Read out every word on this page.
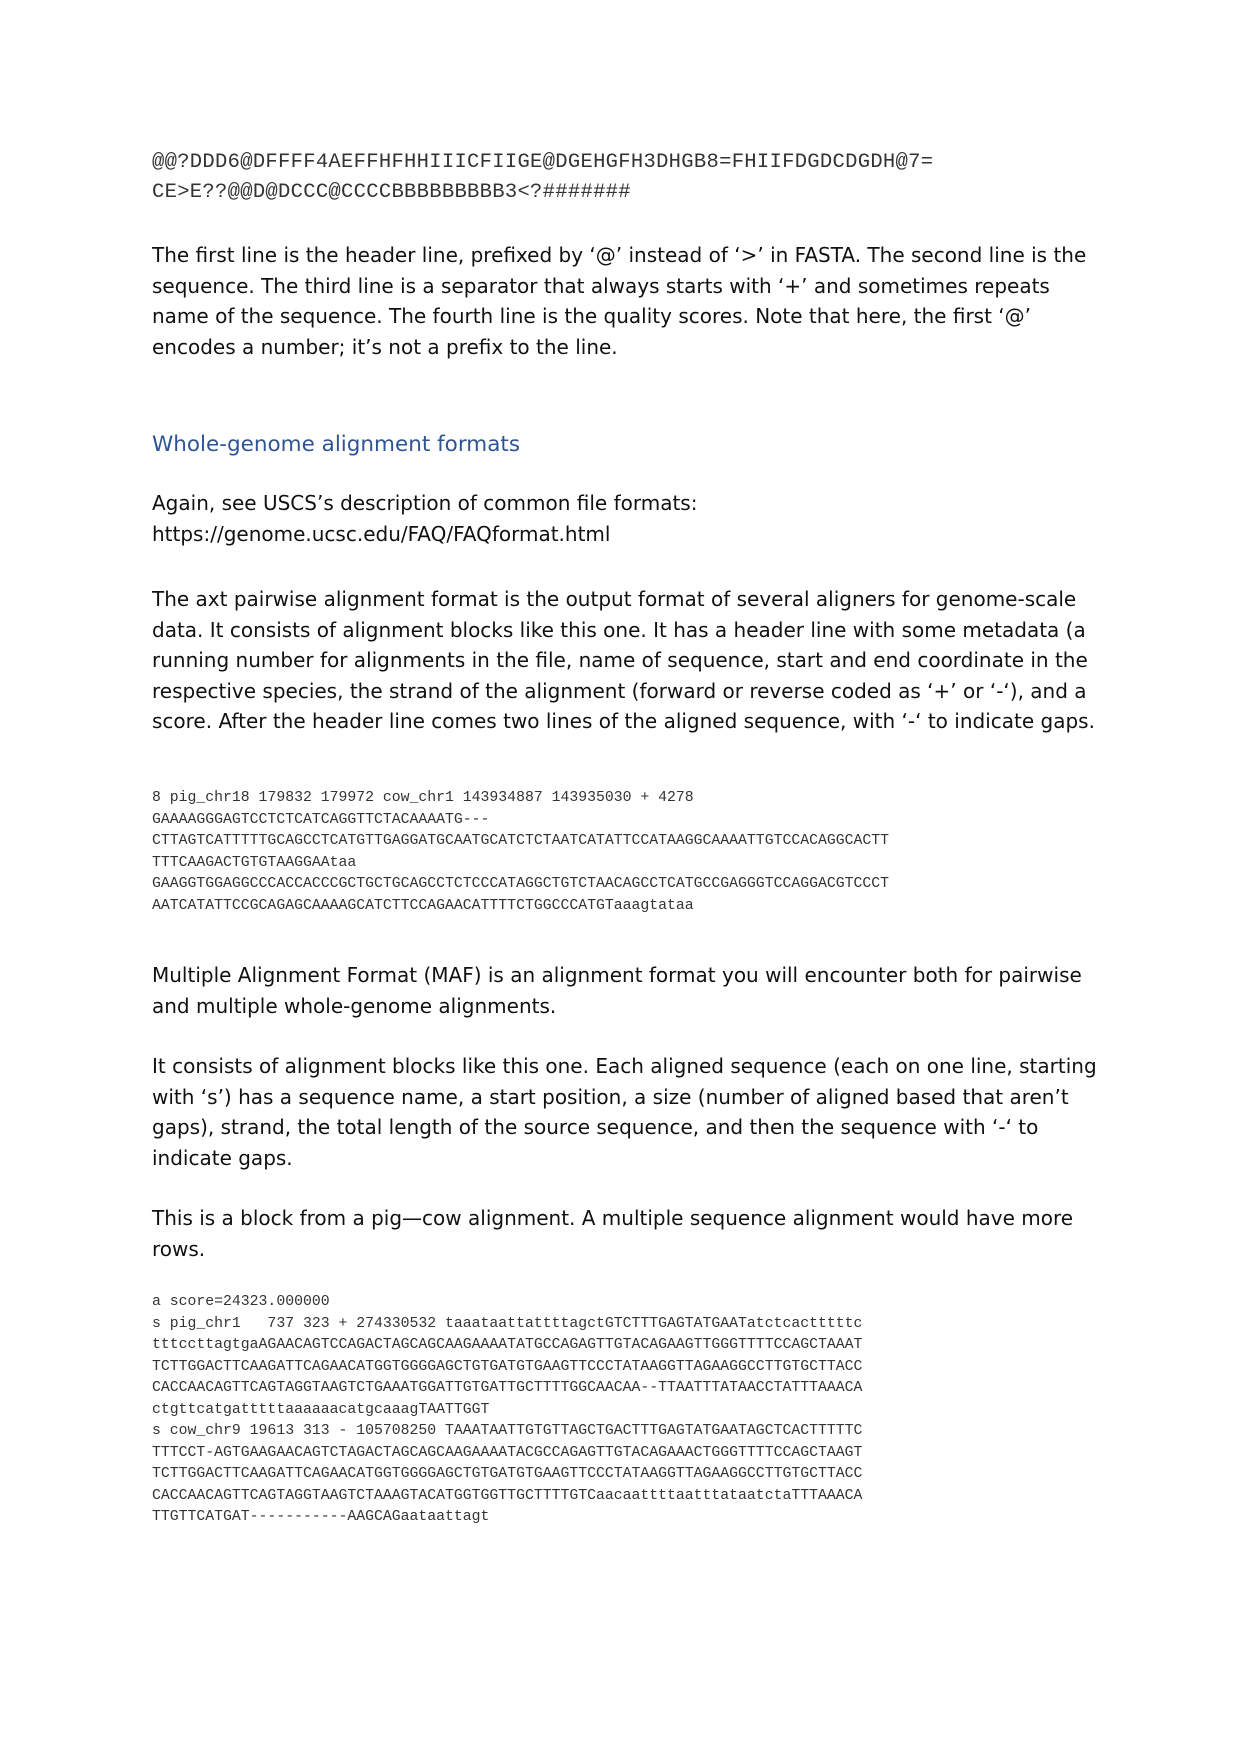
@@?DDD6@DFFFF4AEFFHFHHIIICFIIGE@DGEHGFH3DHGB8=FHIIFDGDCDGDH@7=
CE>E??@@D@DCCC@CCCCBBBBBBBBB3<?#######

The first line is the header line, prefixed by ‘@’ instead of ‘>’ in FASTA. The second line is the sequence. The third line is a separator that always starts with ‘+’ and sometimes repeats name of the sequence. The fourth line is the quality scores. Note that here, the first ‘@’ encodes a number; it’s not a prefix to the line.

Whole-genome alignment formats
Again, see USCS’s description of common file formats:
https://genome.ucsc.edu/FAQ/FAQformat.html

The axt pairwise alignment format is the output format of several aligners for genome-scale data. It consists of alignment blocks like this one. It has a header line with some metadata (a running number for alignments in the file, name of sequence, start and end coordinate in the respective species, the strand of the alignment (forward or reverse coded as ‘+’ or ‘-‘), and a score. After the header line comes two lines of the aligned sequence, with ‘-‘ to indicate gaps.

8 pig_chr18 179832 179972 cow_chr1 143934887 143935030 + 4278
GAAAAGGGAGTCCTCTCATCAGGTTCTACAAAATG---
CTTAGTCATTTTTGCAGCCTCATGTTGAGGATGCAATGCATCTCTAATCATATTCCATAAGGCAAAATTGTCCACAGGCACTT
TTTCAAGACTGTGTAAGGAAtaa
GAAGGTGGAGGCCCACCACCCGCTGCTGCAGCCTCTCCCATAGGCTGTCTAACAGCCTCATGCCGAGGGTCCAGGACGTCCCT
AATCATATTCCGCAGAGCAAAAGCATCTTCCAGAACATTTTCTGGCCCATGTaaagtataa

Multiple Alignment Format (MAF) is an alignment format you will encounter both for pairwise and multiple whole-genome alignments.

It consists of alignment blocks like this one. Each aligned sequence (each on one line, starting with ‘s’) has a sequence name, a start position, a size (number of aligned based that aren’t gaps), strand, the total length of the source sequence, and then the sequence with ‘-‘ to indicate gaps.

This is a block from a pig—cow alignment. A multiple sequence alignment would have more rows.

a score=24323.000000
s pig_chr1   737 323 + 274330532 taaataattattttagctGTCTTTGAGTATGAATatctcactttttc
tttccttagtgaAGAACAGTCCAGACTAGCAGCAAGAAAATATGCCAGAGTTGTACAGAAGTTGGGTTTTCCAGCTAAAT
TCTTGGACTTCAAGATTCAGAACATGGTGGGGAGCTGTGATGTGAAGTTCCCTATAAGGTTAGAAGGCCTTGTGCTTACC
CACCAACAGTTCAGTAGGTAAGTCTGAAATGGATTGTGATTGCTTTTGGCAACAA--TTAATTTATAACCTATTTAAACA
ctgttcatgatttttaaaaaacatgcaaagTAATTGGT
s cow_chr9 19613 313 - 105708250 TAAATAATTGTGTTAGCTGACTTTGAGTATGAATAGCTCACTTTTTC
TTTCCT-AGTGAAGAACAGTCTAGACTAGCAGCAAGAAAATACGCCAGAGTTGTACAGAAACTGGGTTTTCCAGCTAAGT
TCTTGGACTTCAAGATTCAGAACATGGTGGGGAGCTGTGATGTGAAGTTCCCTATAAGGTTAGAAGGCCTTGTGCTTACC
CACCAACAGTTCAGTAGGTAAGTCTAAAGTACATGGTGGTTGCTTTTGTCaacaattttaatttataatctaTTTAAACA
TTGTTCATGAT-----------AAGCAGaataattagt
